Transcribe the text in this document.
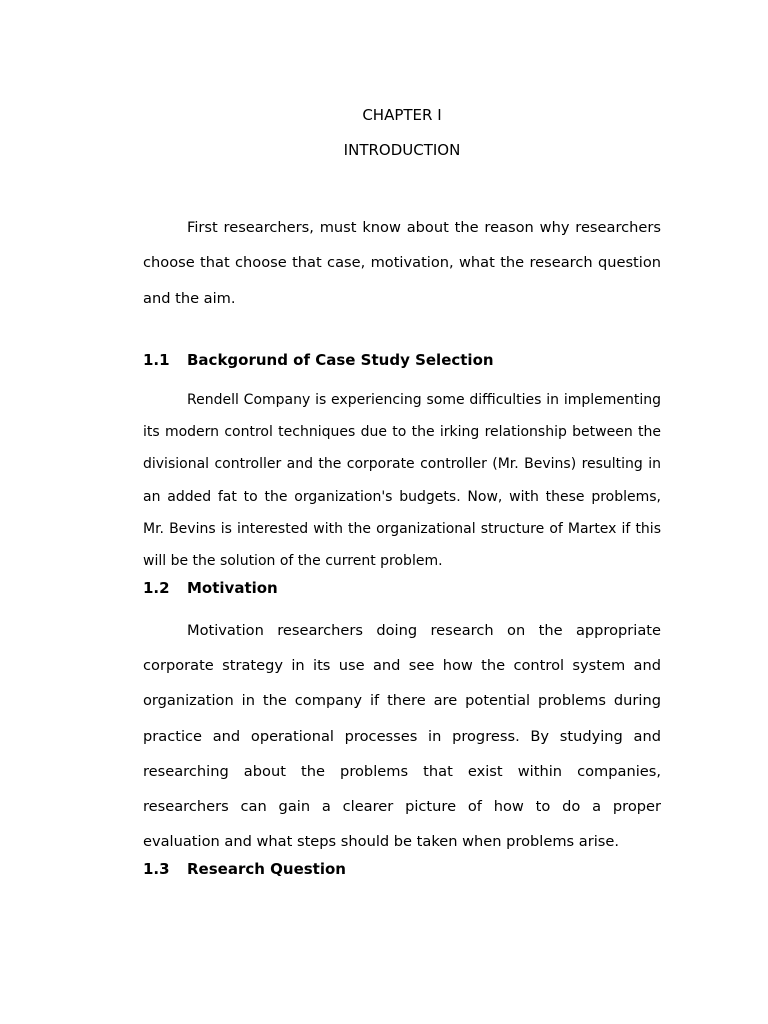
CHAPTER I
INTRODUCTION

First researchers, must know about the reason why researchers choose that choose that case, motivation, what the research question and the aim.

1.1 Backgorund of Case Study Selection

Rendell Company is experiencing some difficulties in implementing its modern control techniques due to the irking relationship between the divisional controller and the corporate controller (Mr. Bevins) resulting in an added fat to the organization's budgets. Now, with these problems, Mr. Bevins is interested with the organizational structure of Martex if this will be the solution of the current problem.

1.2 Motivation

Motivation researchers doing research on the appropriate corporate strategy in its use and see how the control system and organization in the company if there are potential problems during practice and operational processes in progress. By studying and researching about the problems that exist within companies, researchers can gain a clearer picture of how to do a proper evaluation and what steps should be taken when problems arise.

1.3 Research Question
